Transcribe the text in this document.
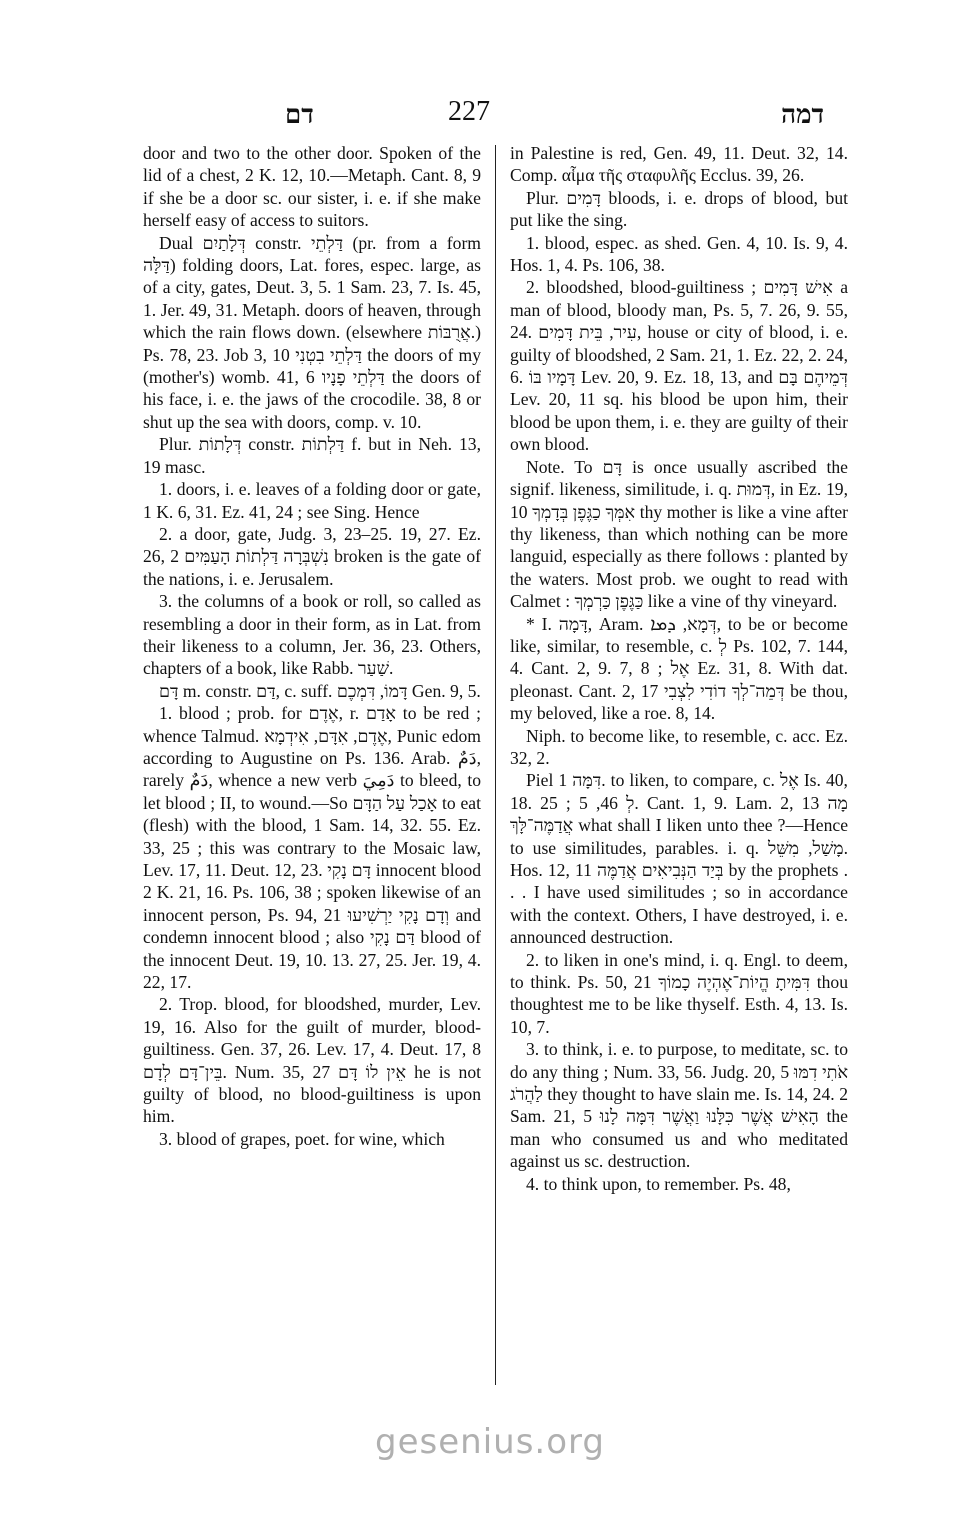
דם	227	דמה

door and two to the other door. Spoken of the lid of a chest, 2 K. 12, 10.—Metaph. Cant. 8, 9 if she be a door sc. our sister, i. e. if she make herself easy of access to suitors.

Dual דְּלָתַיִם constr. דַּלְתֵי (pr. from a form דַּלָּה) folding doors, Lat. fores, espec. large, as of a city, gates, Deut. 3, 5. 1 Sam. 23, 7. Is. 45, 1. Jer. 49, 31. Metaph. doors of heaven, through which the rain flows down. (elsewhere אֲרֻבּוֹת.) Ps. 78, 23. Job 3, 10 דַּלְתֵי בִטְנִי the doors of my (mother's) womb. 41, 6 דַּלְתֵי פָנָיו the doors of his face, i. e. the jaws of the crocodile. 38, 8 or shut up the sea with doors, comp. v. 10.

Plur. דְּלָתוֹת constr. דַּלְתוֹת f. but in Neh. 13, 19 masc.

1. doors, i. e. leaves of a folding door or gate, 1 K. 6, 31. Ez. 41, 24 ; see Sing. Hence

2. a door, gate, Judg. 3, 23–25. 19, 27. Ez. 26, 2 נִשְׁבְּרָה דַּלְתוֹת הָעַמִּים broken is the gate of the nations, i. e. Jerusalem.

3. the columns of a book or roll, so called as resembling a door in their form, as in Lat. from their likeness to a column, Jer. 36, 23. Others, chapters of a book, like Rabb. שַׁעַר.

דָּם m. constr. דַּם, c. suff. דָּמוֹ, דִּמְכֶם Gen. 9, 5.

1. blood ; prob. for אֶדֶם, r. אָדַם to be red ; whence Talmud. אֶדֶם, אִדָּם, אִידְמָא, Punic edom according to Augustine on Ps. 136. Arab. دَمٌ, rarely دَمٌ, whence a new verb دَمِيَ to bleed, to let blood ; II, to wound.—So אָכַל עַל הַדָּם to eat (flesh) with the blood, 1 Sam. 14, 32. 55. Ez. 33, 25 ; this was contrary to the Mosaic law, Lev. 17, 11. Deut. 12, 23. דָּם נָקִי innocent blood 2 K. 21, 16. Ps. 106, 38 ; spoken likewise of an innocent person, Ps. 94, 21 וְדָם נָקִי יַרְשִׁיעוּ and condemn innocent blood ; also דַּם נָקִי blood of the innocent Deut. 19, 10. 13. 27, 25. Jer. 19, 4. 22, 17.

2. Trop. blood, for bloodshed, murder, Lev. 19, 16. Also for the guilt of murder, blood-guiltiness. Gen. 37, 26. Lev. 17, 4. Deut. 17, 8 בֵּין־דָּם לְדָם. Num. 35, 27 אֵין לוֹ דָּם he is not guilty of blood, no blood-guiltiness is upon him.

3. blood of grapes, poet. for wine, which

in Palestine is red, Gen. 49, 11. Deut. 32, 14. Comp. αἷμα τῆς σταφυλῆς Ecclus. 39, 26.

Plur. דָּמִים bloods, i. e. drops of blood, but put like the sing.

1. blood, espec. as shed. Gen. 4, 10. Is. 9, 4. Hos. 1, 4. Ps. 106, 38.

2. bloodshed, blood-guiltiness ; אִישׁ דָּמִים a man of blood, bloody man, Ps. 5, 7. 26, 9. 55, 24. עִיר, בֵּית דָּמִים, house or city of blood, i. e. guilty of bloodshed, 2 Sam. 21, 1. Ez. 22, 2. 24, 6. דָּמָיו בּוֹ Lev. 20, 9. Ez. 18, 13, and דְּמֵיהֶם בָּם Lev. 20, 11 sq. his blood be upon him, their blood be upon them, i. e. they are guilty of their own blood.

Note. To דָּם is once usually ascribed the signif. likeness, similitude, i. q. דְּמוּת, in Ez. 19, 10 אִמְּךָ כַגֶּפֶן בְּדָמְךָ thy mother is like a vine after thy likeness, than which nothing can be more languid, especially as there follows : planted by the waters. Most prob. we ought to read with Calmet : כַּגֶּפֶן כַּרְמְךָ like a vine of thy vineyard.

* I. דָּמָה, Aram. דְּמָא, ܕܡܐ, to be or become like, similar, to resemble, c. לְ Ps. 102, 7. 144, 4. Cant. 2, 9. 7, 8 ; אֶל Ez. 31, 8. With dat. pleonast. Cant. 2, 17 דְּמֵה־לְךָ דוֹדִי לִצְבִי be thou, my beloved, like a roe. 8, 14.

Niph. to become like, to resemble, c. acc. Ez. 32, 2.

Piel דִּמָּה 1. to liken, to compare, c. אֶל Is. 40, 18. 25 ; לְ 46, 5. Cant. 1, 9. Lam. 2, 13 מָה אֲדַמֶּה־לָּךְ what shall I liken unto thee ?—Hence to use similitudes, parables. i. q. מָשַׁל, מִשֵּׁל. Hos. 12, 11 בְּיַד הַנְּבִיאִים אֲדַמֶּה by the prophets . . . I have used similitudes ; so in accordance with the context. Others, I have destroyed, i. e. announced destruction.

2. to liken in one's mind, i. q. Engl. to deem, to think. Ps. 50, 21 דִּמִּיתָ הֱיוֹת־אֶהְיֶה כָמוֹךָ thou thoughtest me to be like thyself. Esth. 4, 13. Is. 10, 7.

3. to think, i. e. to purpose, to meditate, sc. to do any thing ; Num. 33, 56. Judg. 20, 5 אֹתִי דִמּוּ לַהֲרֹג they thought to have slain me. Is. 14, 24. 2 Sam. 21, 5 הָאִישׁ אֲשֶׁר כִּלָּנוּ וַאֲשֶׁר דִּמָּה לָנוּ the man who consumed us and who meditated against us sc. destruction.

4. to think upon, to remember. Ps. 48,

gesenius.org
